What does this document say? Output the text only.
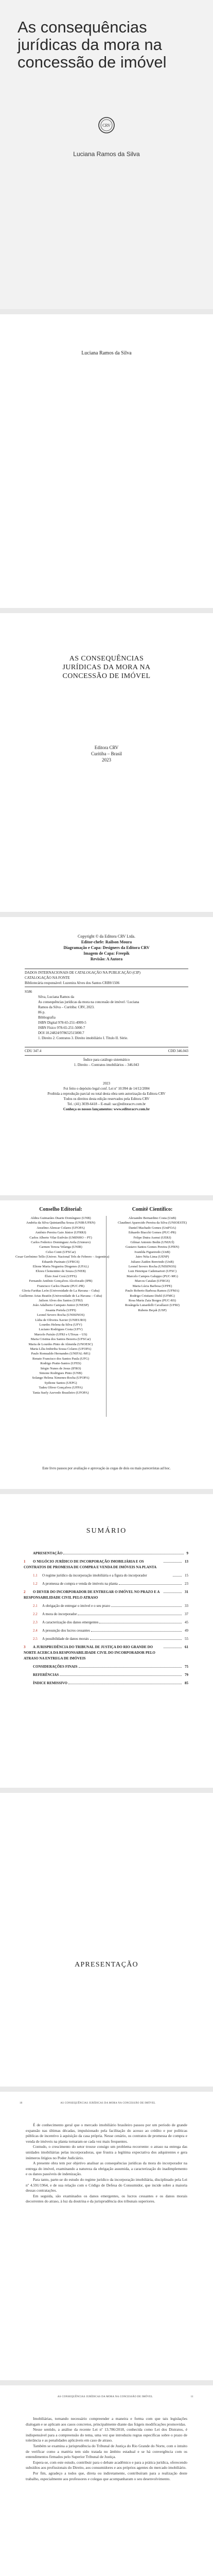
As consequências jurídicas da mora na concessão de imóvel
CRV
Luciana Ramos da Silva
Luciana Ramos da Silva
AS CONSEQUÊNCIAS
JURÍDICAS DA MORA NA
CONCESSÃO DE IMÓVEL
Editora CRV
Curitiba – Brasil
2023
Copyright © da Editora CRV Ltda.
Editor-chefe: Railson Moura
Diagramação e Capa: Designers da Editora CRV
Imagem de Capa: Freepik
Revisão: A Autora
DADOS INTERNACIONAIS DE CATALOGAÇÃO NA PUBLICAÇÃO (CIP)
CATALOGAÇÃO NA FONTE
Bibliotecária responsável: Luzenira Alves dos Santos CRB9/1506
S586
Silva, Luciana Ramos da
As consequências jurídicas da mora na concessão de imóvel / Luciana
Ramos da Silva – Curitiba: CRV, 2023.
86 p.
Bibliografia
ISBN Digital 978-65-251-4999-5
ISBN Físico 978-65-251-5000-7
DOI 10.24824/978652515000.7
1. Direito 2. Contratos 3. Direito imobiliário I. Título II. Série.
CDU 347.4	CDD 346.043
Índice para catálogo sistemático
1. Direito – Contratos imobiliários – 346.043
2023
Foi feito o depósito legal conf. Lei nº 10.994 de 14/12/2004
Proibida a reprodução parcial ou total desta obra sem autorização da Editora CRV
Todos os direitos desta edição reservados pela Editora CRV
Tel.: (41) 3039-6418 – E-mail: sac@editoracrv.com.br
Conheça os nossos lançamentos: www.editoracrv.com.br
Conselho Editorial:	Comitê Científico:
Aldira Guimarães Duarte Domínguez (UNB)
Andréia da Silva Quintanilha Sousa (UNIR/UFRN)
Anselmo Alencar Colares (UFOPA)
Antônio Pereira Gaio Júnior (UFRRJ)
Carlos Alberto Vilar Estêvão (UMINHO – PT)
Carlos Federico Dominguez Avila (Unieuro)
Carmen Tereza Velanga (UNIR)
Celso Conti (UFSCar)
Cesar Gerônimo Tello (Univer. Nacional Três de Febrero – Argentina)
Eduardo Pazinato (UFRGS)
Elione Maria Nogueira Diogenes (UFAL)
Elizeu Clementino de Souza (UNEB)
Élsio José Corá (UFFS)
Fernando Antônio Gonçalves Alcoforado (IPB)
Francisco Carlos Duarte (PUC-PR)
Gloria Fariñas León (Universidade de La Havana – Cuba)
Guillermo Arias Beatón (Universidade de La Havana – Cuba)
Jailson Alves dos Santos (UFRJ)
João Adalberto Campato Junior (UNESP)
Josania Portela (UFPI)
Leonel Severo Rocha (UNISINOS)
Lídia de Oliveira Xavier (UNIEURO)
Lourdes Helena da Silva (UFV)
Luciano Rodrigues Costa (UFV)
Marcelo Paixão (UFRJ e UTexas – US)
Maria Cristina dos Santos Bezerra (UFSCar)
Maria de Lourdes Pinto de Almeida (UNOESC)
Maria Lília Imbiriba Sousa Colares (UFOPA)
Paulo Romualdo Hernandes (UNIFAL-MG)
Renato Francisco dos Santos Paula (UFG)
Rodrigo Pratte-Santos (UFES)
Sérgio Nunes de Jesus (IFRO)
Simone Rodrigues Pinto (UNB)
Solange Helena Ximenes-Rocha (UFOPA)
Sydione Santos (UEPG)
Tadeu Oliver Gonçalves (UFPA)
Tania Suely Azevedo Brasileiro (UFOPA)
Alexandre Bernardino Costa (UnB)
Claudinei Aparecido Pereira da Silva (UNIOESTE)
Daniel Machado Gomes (UniFOA)
Eduardo Biacchi Gomes (PUC-PR)
Felipe Dutra Asensi (UERJ)
Gilmar Antonio Bedin (UNIJUÍ)
Gustavo Santos Gomes Pereira (UFRN)
Ivanilda Figueiredo (UnB)
Jairo Néia Lima (UENP)
Juliano Zaiden Benvindo (UnB)
Leonel Severo Rocha (UNISINOS)
Luiz Henrique Cademartori (UFSC)
Marcelo Campos Galuppo (PUC-MG)
Marcos Catalan (UFRGS)
Maria Lúcia Barbosa (UFPE)
Paulo Roberto Barbosa Ramos (UFMA)
Rodrigo Cristiano Diehl (UFMG)
Rosa Maria Zaia Borges (PUC-RS)
Rosângela Lunardelli Cavallazzi (UFRJ)
Rubens Beçak (USP)
Este livro passou por avaliação e aprovação às cegas de dois ou mais pareceristas ad hoc.
SUMÁRIO
APRESENTAÇÃO	9
1 O NEGÓCIO JURÍDICO DE INCORPORAÇÃO IMOBILIÁRIA E OS CONTRATOS DE PROMESSA DE COMPRA E VENDA DE IMÓVEIS NA PLANTA
13
1.1 O regime jurídico da incorporação imobiliária e a figura do incorporador	15
1.2 A promessa de compra e venda de imóveis na planta	23
2 O DEVER DO INCORPORADOR DE ENTREGAR O IMÓVEL NO PRAZO E A RESPONSABILIDADE CIVIL PELO ATRASO
31
2.1 A obrigação de entregar o imóvel e o seu prazo	33
2.2 A mora do incorporador	37
2.3 A caracterização dos danos emergentes	45
2.4 A presunção dos lucros cessantes	49
2.5 A possibilidade de danos morais	55
3 A JURISPRUDÊNCIA DO TRIBUNAL DE JUSTIÇA DO RIO GRANDE DO NORTE ACERCA DA RESPONSABILIDADE CIVIL DO INCORPORADOR PELO ATRASO NA ENTREGA DE IMÓVEIS
61
CONSIDERAÇÕES FINAIS	75
REFERÊNCIAS	79
ÍNDICE REMISSIVO	85
APRESENTAÇÃO
10	AS CONSEQUÊNCIAS JURÍDICAS DA MORA NA CONCESSÃO DE IMÓVEL

É de conhecimento geral que o mercado imobiliário brasileiro passou por um período de grande expansão nas últimas décadas, impulsionado pela facilitação do acesso ao crédito e por políticas públicas de incentivo à aquisição da casa própria. Nesse cenário, os contratos de promessa de compra e venda de imóveis na planta tornaram-se cada vez mais frequentes.

Contudo, o crescimento do setor trouxe consigo um problema recorrente: o atraso na entrega das unidades imobiliárias pelas incorporadoras, que frustra a legítima expectativa dos adquirentes e gera inúmeros litígios no Poder Judiciário.

A presente obra tem por objetivo analisar as consequências jurídicas da mora do incorporador na entrega do imóvel, examinando a natureza da obrigação assumida, a caracterização do inadimplemento e os danos passíveis de indenização.

Para tanto, parte-se do estudo do regime jurídico da incorporação imobiliária, disciplinado pela Lei nº 4.591/1964, e de sua relação com o Código de Defesa do Consumidor, que incide sobre a maioria dessas contratações.

Em seguida, são examinados os danos emergentes, os lucros cessantes e os danos morais decorrentes do atraso, à luz da doutrina e da jurisprudência dos tribunais superiores.

AS CONSEQUÊNCIAS JURÍDICAS DA MORA NA CONCESSÃO DE IMÓVEL	11

Imobiliárias, tornando necessário compreender a maneira e forma com que tais legislações dialogam e se aplicam aos casos concretos, principalmente diante das frágeis modificações promovidas.

Nesse sentido, a análise da recente Lei nº 13.786/2018, conhecida como Lei dos Distratos, é indispensável para a compreensão do tema, uma vez que introduziu regras específicas sobre o prazo de tolerância e as penalidades aplicáveis em caso de atraso.

Também se examina a jurisprudência do Tribunal de Justiça do Rio Grande do Norte, com o intuito de verificar como a matéria tem sido tratada no âmbito estadual e se há convergência com os entendimentos firmados pelo Superior Tribunal de Justiça.

Espera-se, com este estudo, contribuir para o debate acadêmico e para a prática jurídica, oferecendo subsídios aos profissionais do Direito, aos consumidores e aos próprios agentes do mercado imobiliário.

Por fim, agradeço a todos que, direta ou indiretamente, contribuíram para a realização deste trabalho, especialmente aos professores e colegas que acompanharam o seu desenvolvimento.
